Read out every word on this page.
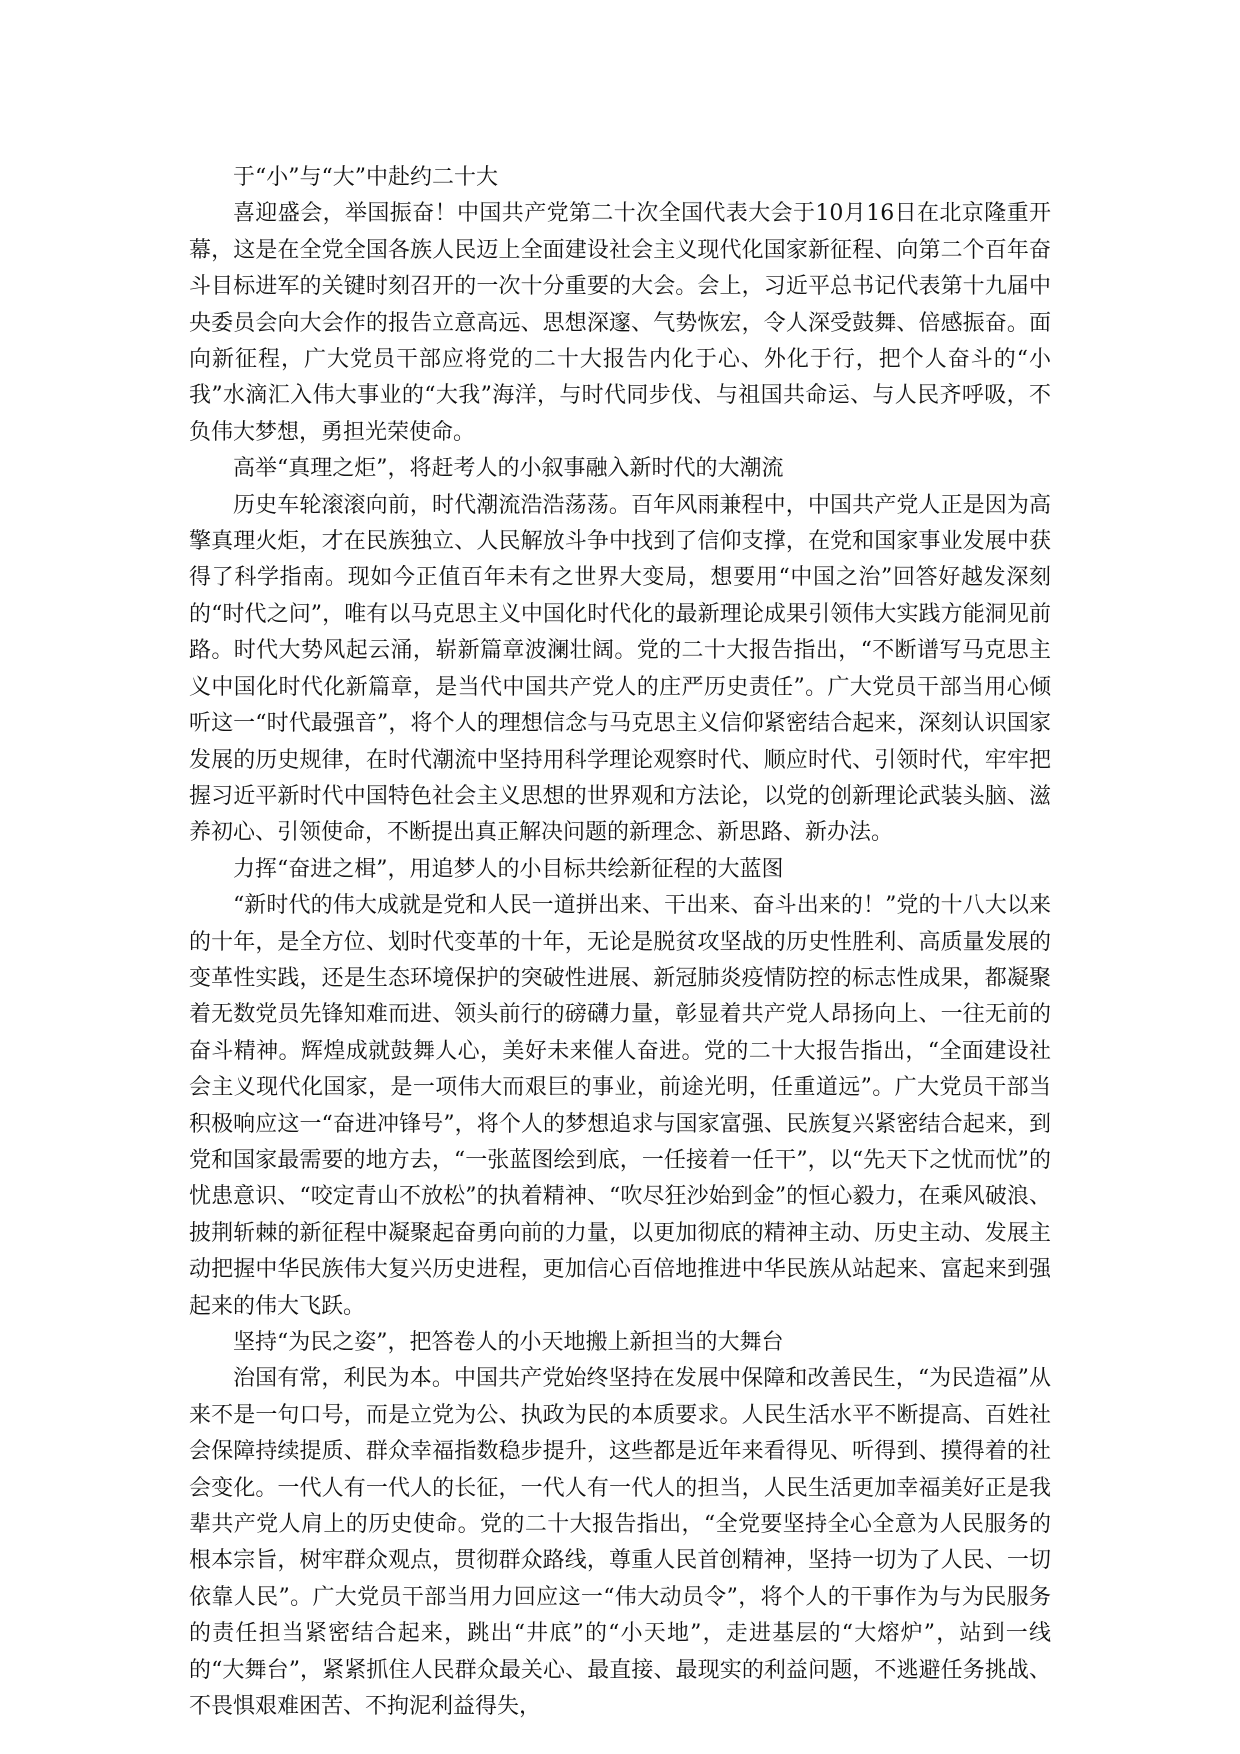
于“小”与“大”中赴约二十大

喜迎盛会，举国振奋！中国共产党第二十次全国代表大会于10月16日在北京隆重开幕，这是在全党全国各族人民迈上全面建设社会主义现代化国家新征程、向第二个百年奋斗目标进军的关键时刻召开的一次十分重要的大会。会上，习近平总书记代表第十九届中央委员会向大会作的报告立意高远、思想深邃、气势恢宏，令人深受鼓舞、倍感振奋。面向新征程，广大党员干部应将党的二十大报告内化于心、外化于行，把个人奋斗的“小我”水滴汇入伟大事业的“大我”海洋，与时代同步伐、与祖国共命运、与人民齐呼吸，不负伟大梦想，勇担光荣使命。

高举“真理之炬”，将赶考人的小叙事融入新时代的大潮流

历史车轮滚滚向前，时代潮流浩浩荡荡。百年风雨兼程中，中国共产党人正是因为高擎真理火炬，才在民族独立、人民解放斗争中找到了信仰支撑，在党和国家事业发展中获得了科学指南。现如今正值百年未有之世界大变局，想要用“中国之治”回答好越发深刻的“时代之问”，唯有以马克思主义中国化时代化的最新理论成果引领伟大实践方能洞见前路。时代大势风起云涌，崭新篇章波澜壮阔。党的二十大报告指出，“不断谱写马克思主义中国化时代化新篇章，是当代中国共产党人的庄严历史责任”。广大党员干部当用心倾听这一“时代最强音”，将个人的理想信念与马克思主义信仰紧密结合起来，深刻认识国家发展的历史规律，在时代潮流中坚持用科学理论观察时代、顺应时代、引领时代，牢牢把握习近平新时代中国特色社会主义思想的世界观和方法论，以党的创新理论武装头脑、滋养初心、引领使命，不断提出真正解决问题的新理念、新思路、新办法。

力挥“奋进之楫”，用追梦人的小目标共绘新征程的大蓝图

“新时代的伟大成就是党和人民一道拼出来、干出来、奋斗出来的！”党的十八大以来的十年，是全方位、划时代变革的十年，无论是脱贫攻坚战的历史性胜利、高质量发展的变革性实践，还是生态环境保护的突破性进展、新冠肺炎疫情防控的标志性成果，都凝聚着无数党员先锋知难而进、领头前行的磅礴力量，彰显着共产党人昂扬向上、一往无前的奋斗精神。辉煌成就鼓舞人心，美好未来催人奋进。党的二十大报告指出，“全面建设社会主义现代化国家，是一项伟大而艰巨的事业，前途光明，任重道远”。广大党员干部当积极响应这一“奋进冲锋号”，将个人的梦想追求与国家富强、民族复兴紧密结合起来，到党和国家最需要的地方去，“一张蓝图绘到底，一任接着一任干”，以“先天下之忧而忧”的忧患意识、“咬定青山不放松”的执着精神、“吹尽狂沙始到金”的恒心毅力，在乘风破浪、披荆斩棘的新征程中凝聚起奋勇向前的力量，以更加彻底的精神主动、历史主动、发展主动把握中华民族伟大复兴历史进程，更加信心百倍地推进中华民族从站起来、富起来到强起来的伟大飞跃。

坚持“为民之姿”，把答卷人的小天地搬上新担当的大舞台

治国有常，利民为本。中国共产党始终坚持在发展中保障和改善民生，“为民造福”从来不是一句口号，而是立党为公、执政为民的本质要求。人民生活水平不断提高、百姓社会保障持续提质、群众幸福指数稳步提升，这些都是近年来看得见、听得到、摸得着的社会变化。一代人有一代人的长征，一代人有一代人的担当，人民生活更加幸福美好正是我辈共产党人肩上的历史使命。党的二十大报告指出，“全党要坚持全心全意为人民服务的根本宗旨，树牢群众观点，贯彻群众路线，尊重人民首创精神，坚持一切为了人民、一切依靠人民”。广大党员干部当用力回应这一“伟大动员令”，将个人的干事作为与为民服务的责任担当紧密结合起来，跳出“井底”的“小天地”，走进基层的“大熔炉”，站到一线的“大舞台”，紧紧抓住人民群众最关心、最直接、最现实的利益问题，不逃避任务挑战、不畏惧艰难困苦、不拘泥利益得失，
